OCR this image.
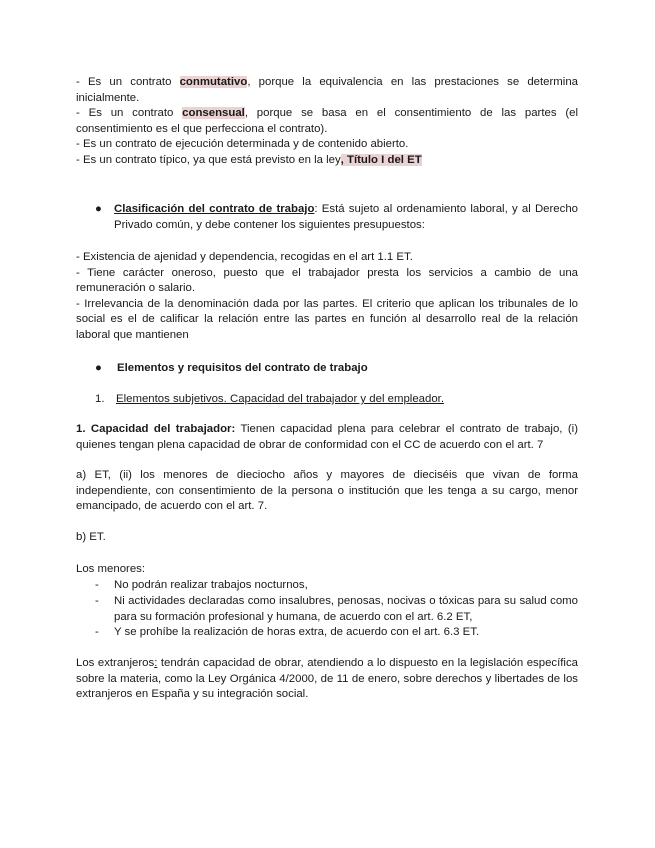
- Es un contrato conmutativo, porque la equivalencia en las prestaciones se determina inicialmente.
- Es un contrato consensual, porque se basa en el consentimiento de las partes (el consentimiento es el que perfecciona el contrato).
- Es un contrato de ejecución determinada y de contenido abierto.
- Es un contrato típico, ya que está previsto en la ley, Título I del ET
● Clasificación del contrato de trabajo: Está sujeto al ordenamiento laboral, y al Derecho Privado común, y debe contener los siguientes presupuestos:
- Existencia de ajenidad y dependencia, recogidas en el art 1.1 ET.
- Tiene carácter oneroso, puesto que el trabajador presta los servicios a cambio de una remuneración o salario.
- Irrelevancia de la denominación dada por las partes. El criterio que aplican los tribunales de lo social es el de calificar la relación entre las partes en función al desarrollo real de la relación laboral que mantienen
● Elementos y requisitos del contrato de trabajo
1. Elementos subjetivos. Capacidad del trabajador y del empleador.
1. Capacidad del trabajador: Tienen capacidad plena para celebrar el contrato de trabajo, (i) quienes tengan plena capacidad de obrar de conformidad con el CC de acuerdo con el art. 7
a) ET, (ii) los menores de dieciocho años y mayores de dieciséis que vivan de forma independiente, con consentimiento de la persona o institución que les tenga a su cargo, menor emancipado, de acuerdo con el art. 7.
b) ET.
Los menores:
- No podrán realizar trabajos nocturnos,
- Ni actividades declaradas como insalubres, penosas, nocivas o tóxicas para su salud como para su formación profesional y humana, de acuerdo con el art. 6.2 ET,
- Y se prohíbe la realización de horas extra, de acuerdo con el art. 6.3 ET.
Los extranjeros: tendrán capacidad de obrar, atendiendo a lo dispuesto en la legislación específica sobre la materia, como la Ley Orgánica 4/2000, de 11 de enero, sobre derechos y libertades de los extranjeros en España y su integración social.
